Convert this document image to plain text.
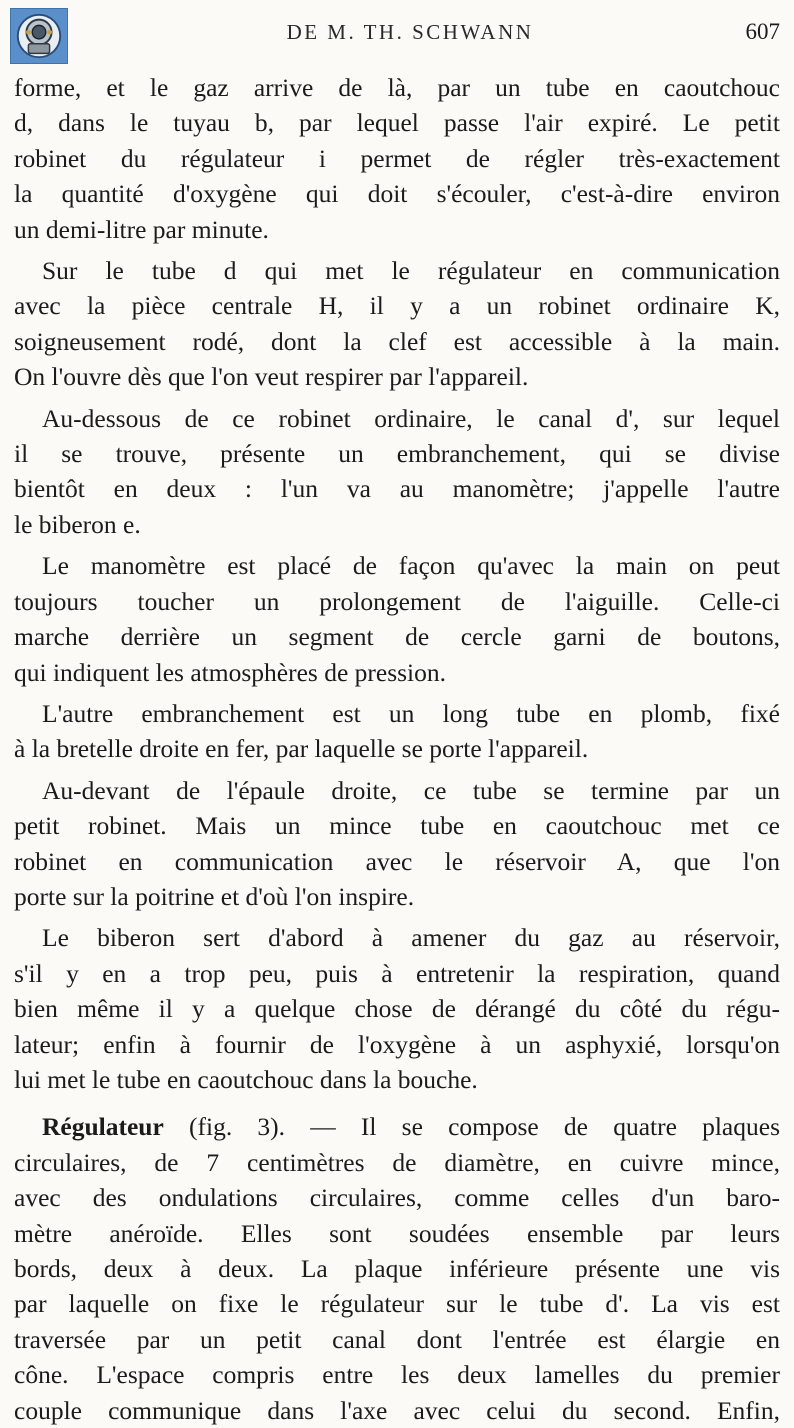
DE M. TH. SCHWANN	607
forme, et le gaz arrive de là, par un tube en caoutchouc
d, dans le tuyau b, par lequel passe l'air expiré. Le petit
robinet du régulateur i permet de régler très-exactement
la quantité d'oxygène qui doit s'écouler, c'est-à-dire environ
un demi-litre par minute.
Sur le tube d qui met le régulateur en communication
avec la pièce centrale H, il y a un robinet ordinaire K,
soigneusement rodé, dont la clef est accessible à la main.
On l'ouvre dès que l'on veut respirer par l'appareil.
Au-dessous de ce robinet ordinaire, le canal d', sur lequel
il se trouve, présente un embranchement, qui se divise
bientôt en deux : l'un va au manomètre; j'appelle l'autre
le biberon e.
Le manomètre est placé de façon qu'avec la main on peut
toujours toucher un prolongement de l'aiguille. Celle-ci
marche derrière un segment de cercle garni de boutons,
qui indiquent les atmosphères de pression.
L'autre embranchement est un long tube en plomb, fixé
à la bretelle droite en fer, par laquelle se porte l'appareil.
Au-devant de l'épaule droite, ce tube se termine par un
petit robinet. Mais un mince tube en caoutchouc met ce
robinet en communication avec le réservoir A, que l'on
porte sur la poitrine et d'où l'on inspire.
Le biberon sert d'abord à amener du gaz au réservoir,
s'il y en a trop peu, puis à entretenir la respiration, quand
bien même il y a quelque chose de dérangé du côté du régu-
lateur; enfin à fournir de l'oxygène à un asphyxié, lorsqu'on
lui met le tube en caoutchouc dans la bouche.
Régulateur (fig. 3). — Il se compose de quatre plaques
circulaires, de 7 centimètres de diamètre, en cuivre mince,
avec des ondulations circulaires, comme celles d'un baro-
mètre anéroïde. Elles sont soudées ensemble par leurs
bords, deux à deux. La plaque inférieure présente une vis
par laquelle on fixe le régulateur sur le tube d'. La vis est
traversée par un petit canal dont l'entrée est élargie en
cône. L'espace compris entre les deux lamelles du premier
couple communique dans l'axe avec celui du second. Enfin,
